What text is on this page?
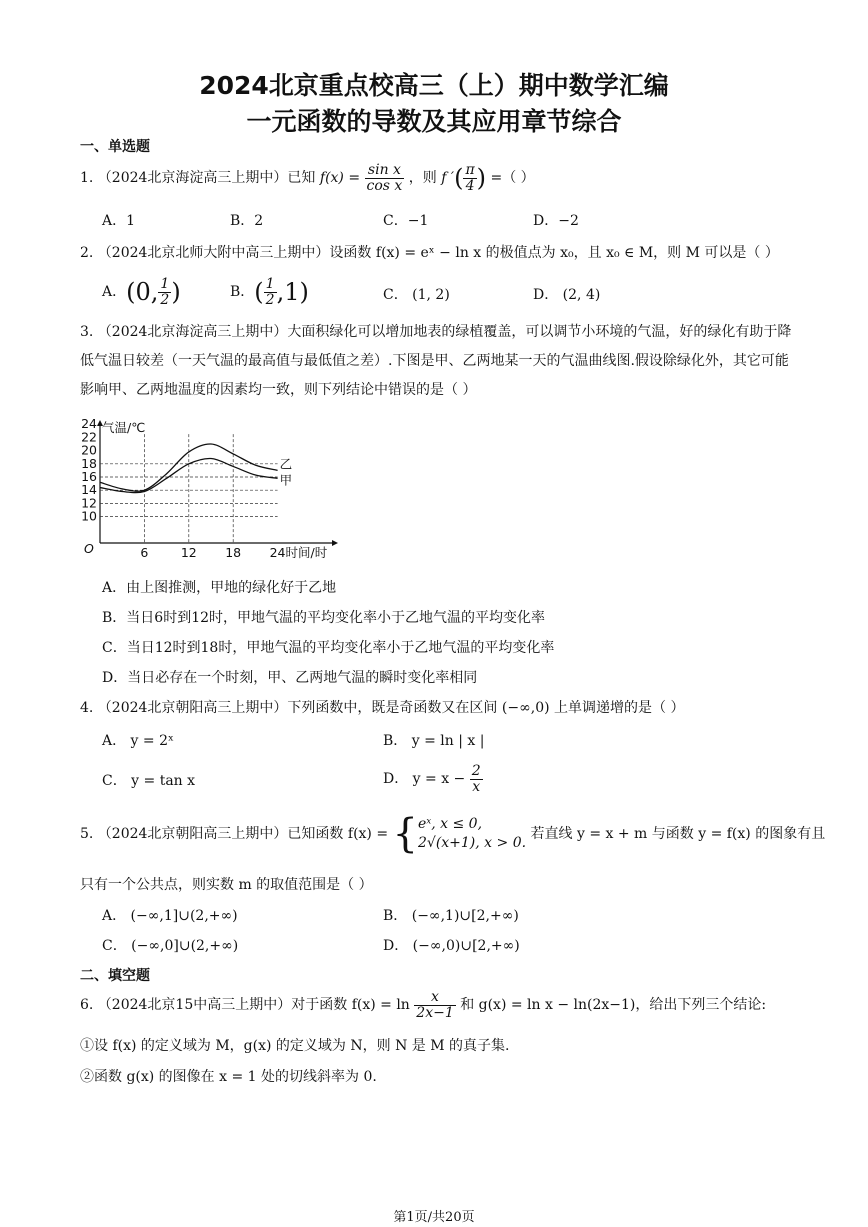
2024北京重点校高三（上）期中数学汇编
一元函数的导数及其应用章节综合
一、单选题
1. （2024北京海淀高三上期中）已知 $f(x) = \frac{\text{sin x}}{\text{cos x}}$ ，则 f ′( $\frac{\pi}{4}$ ) =（ ）
A．1	B．2	C．−1	D．−2
2. （2024北京北师大附中高三上期中）设函数 f(x) = eˣ − ln x 的极值点为 x₀，且 x₀ ∈ M，则 M 可以是（ ）
A．(0, $\frac{1}{2}$ )	B．( $\frac{1}{2} ,1$)	C． (1, 2)	D． (2, 4)
3. （2024北京海淀高三上期中）大面积绿化可以增加地表的绿植覆盖，可以调节小环境的气温，好的绿化有助于降低气温日较差（一天气温的最高值与最低值之差）.下图是甲、乙两地某一天的气温曲线图.假设除绿化外，其它可能影响甲、乙两地温度的因素均一致，则下列结论中错误的是（ ）
10
12
14
16
18
20
22
24
6	12 18 24时间/时
O
气温/℃
乙
甲
A．由上图推测，甲地的绿化好于乙地
B．当日6时到12时，甲地气温的平均变化率小于乙地气温的平均变化率
C．当日12时到18时，甲地气温的平均变化率小于乙地气温的平均变化率
D．当日必存在一个时刻，甲、乙两地气温的瞬时变化率相同
4. （2024北京朝阳高三上期中）下列函数中，既是奇函数又在区间 (−∞,0) 上单调递增的是（ ）
A． y = 2ˣ	B． y = ln | x |
C． y = tan x	D． $y = x - \frac{2}{x}$
5. （2024北京朝阳高三上期中）已知函数 f(x) = { eˣ, x ≤ 0,
2√(x+1), x > 0.
若直线 y = x + m 与函数 y = f(x) 的图象有且
只有一个公共点，则实数 m 的取值范围是（ ）
A． (−∞,1]∪(2,+∞)	B． (−∞,1)∪[2,+∞)
C． (−∞,0]∪(2,+∞)	D． (−∞,0)∪[2,+∞)
二、填空题
6. （2024北京15中高三上期中）对于函数 $f(x) = \ln \frac{x}{2x-1}$ 和 g(x) = ln x − ln(2x−1)，给出下列三个结论:
①设 f(x) 的定义域为 M，g(x) 的定义域为 N，则 N 是 M 的真子集.
②函数 g(x) 的图像在 x = 1 处的切线斜率为 0.
第1页/共20页
